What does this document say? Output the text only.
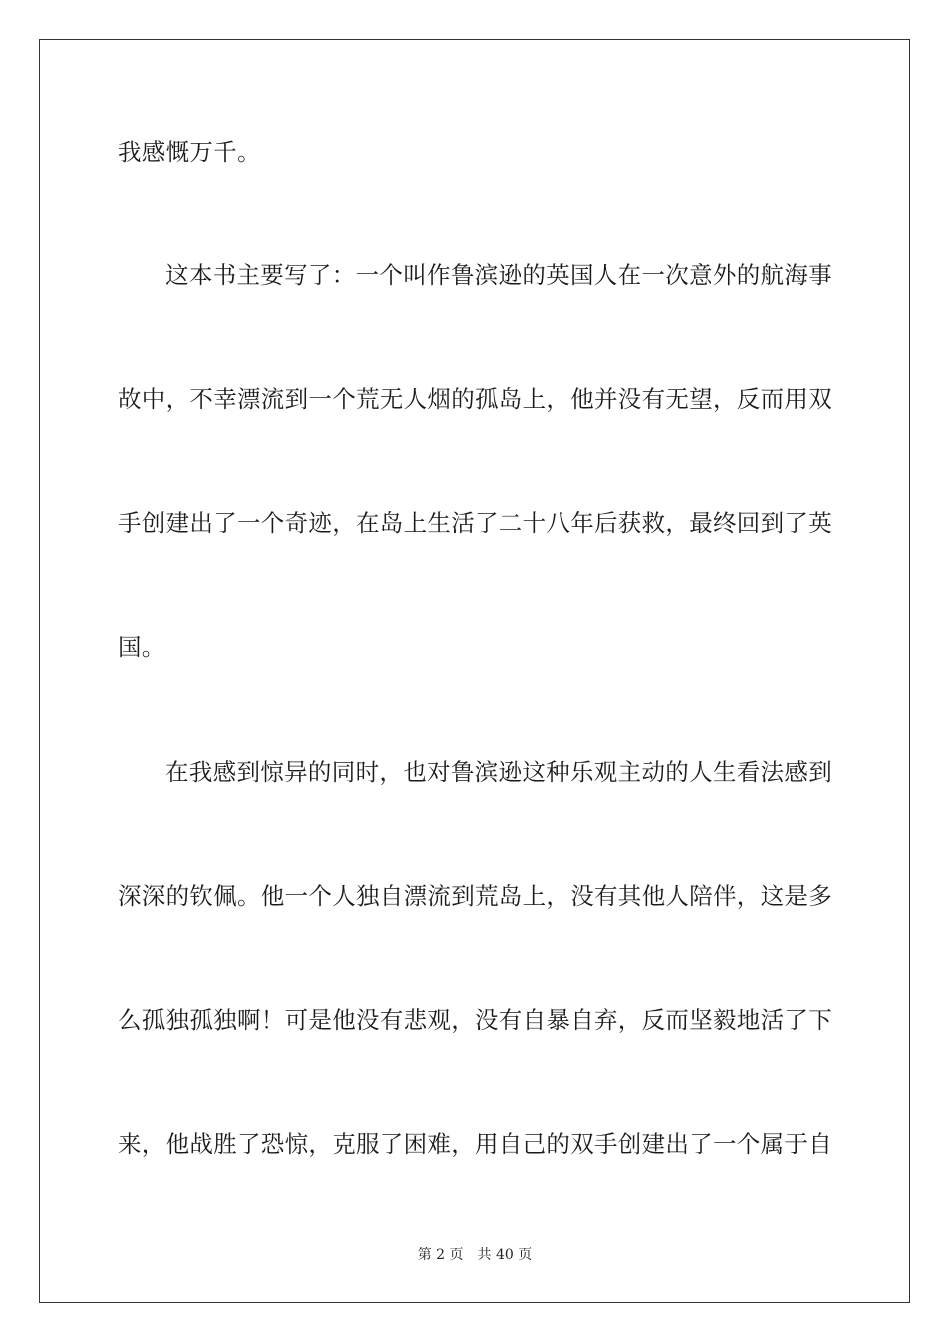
我感慨万千。
这本书主要写了：一个叫作鲁滨逊的英国人在一次意外的航海事
故中，不幸漂流到一个荒无人烟的孤岛上，他并没有无望，反而用双
手创建出了一个奇迹，在岛上生活了二十八年后获救，最终回到了英
国。
在我感到惊异的同时，也对鲁滨逊这种乐观主动的人生看法感到
深深的钦佩。他一个人独自漂流到荒岛上，没有其他人陪伴，这是多
么孤独孤独啊！可是他没有悲观，没有自暴自弃，反而坚毅地活了下
来，他战胜了恐惊，克服了困难，用自己的双手创建出了一个属于自
第 2 页 共 40 页
